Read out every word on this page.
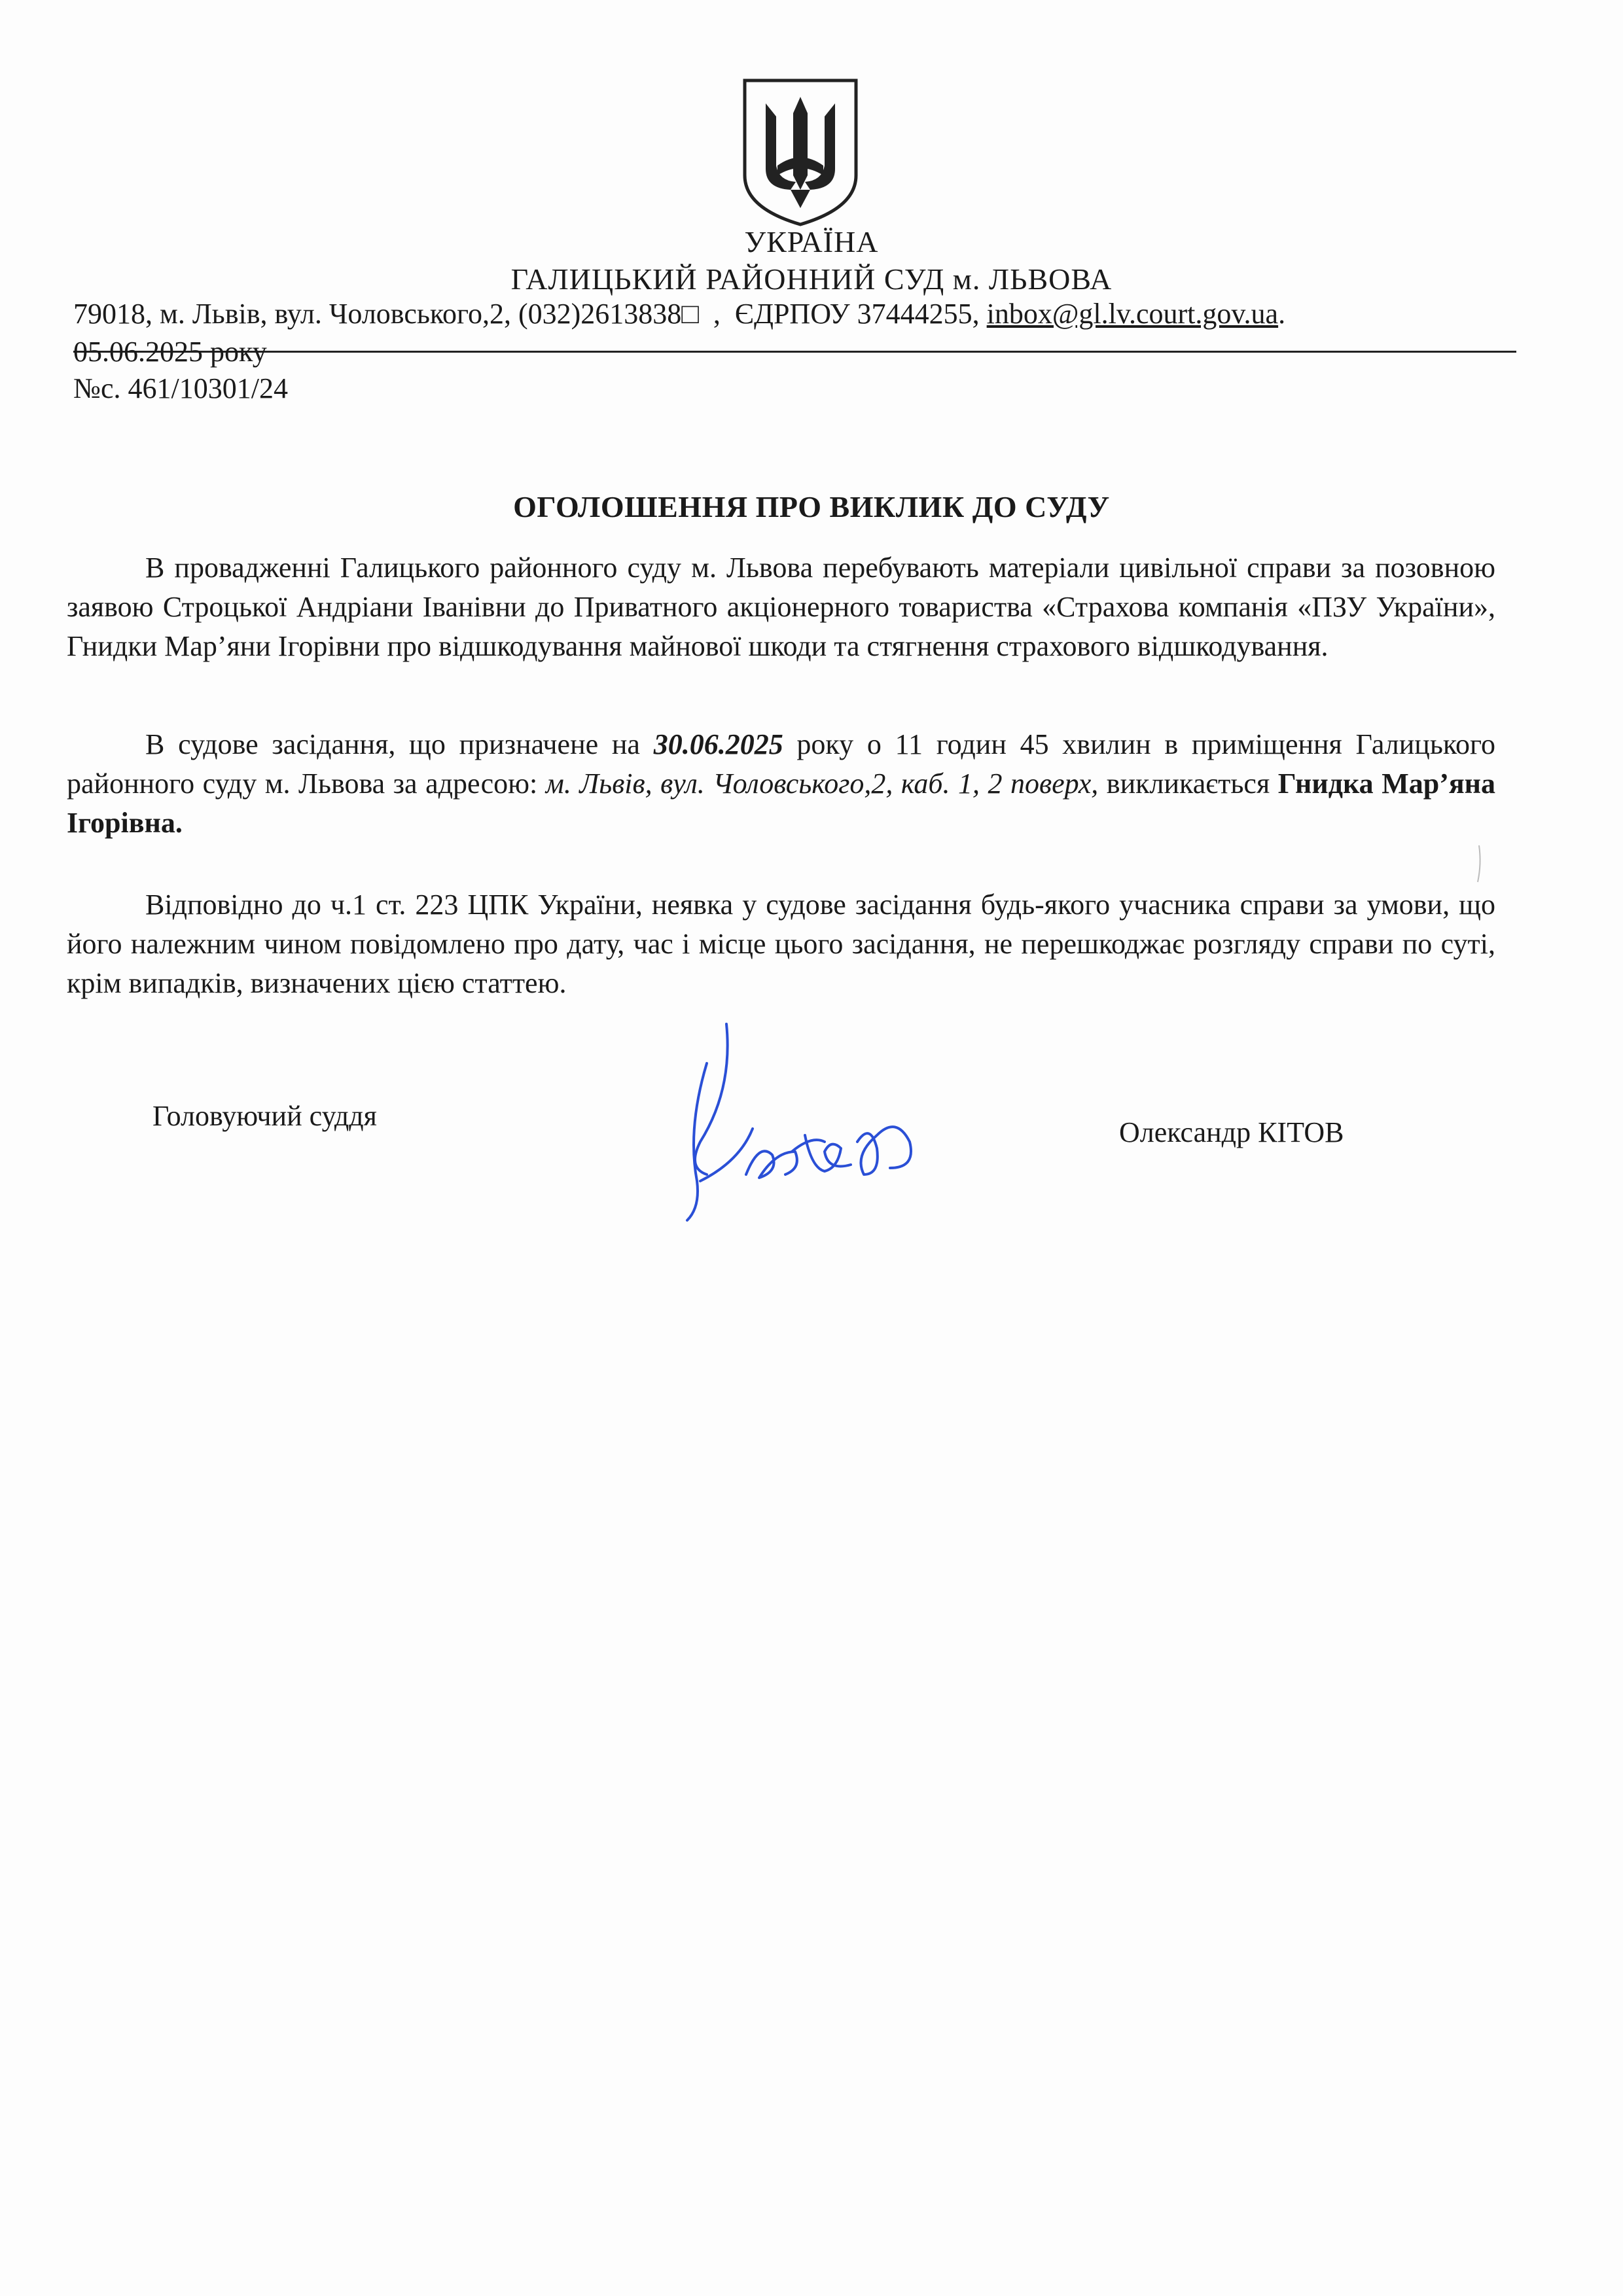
УКРАЇНА
ГАЛИЦЬКИЙ РАЙОННИЙ СУД м. ЛЬВОВА
79018, м. Львів, вул. Чоловського,2, (032)2613838□ , ЄДРПОУ 37444255, inbox@gl.lv.court.gov.ua.
05.06.2025 року
№с. 461/10301/24
ОГОЛОШЕННЯ ПРО ВИКЛИК ДО СУДУ
В провадженні Галицького районного суду м. Львова перебувають матеріали цивільної справи за позовною заявою Строцької Андріани Іванівни до Приватного акціонерного товариства «Страхова компанія «ПЗУ України», Гнидки Мар’яни Ігорівни про відшкодування майнової шкоди та стягнення страхового відшкодування.
В судове засідання, що призначене на 30.06.2025 року о 11 годин 45 хвилин в приміщення Галицького районного суду м. Львова за адресою: м. Львів, вул. Чоловського,2, каб. 1, 2 поверх, викликається Гнидка Мар’яна Ігорівна.
Відповідно до ч.1 ст. 223 ЦПК України, неявка у судове засідання будь-якого учасника справи за умови, що його належним чином повідомлено про дату, час і місце цього засідання, не перешкоджає розгляду справи по суті, крім випадків, визначених цією статтею.
Головуючий суддя
Олександр КІТОВ
